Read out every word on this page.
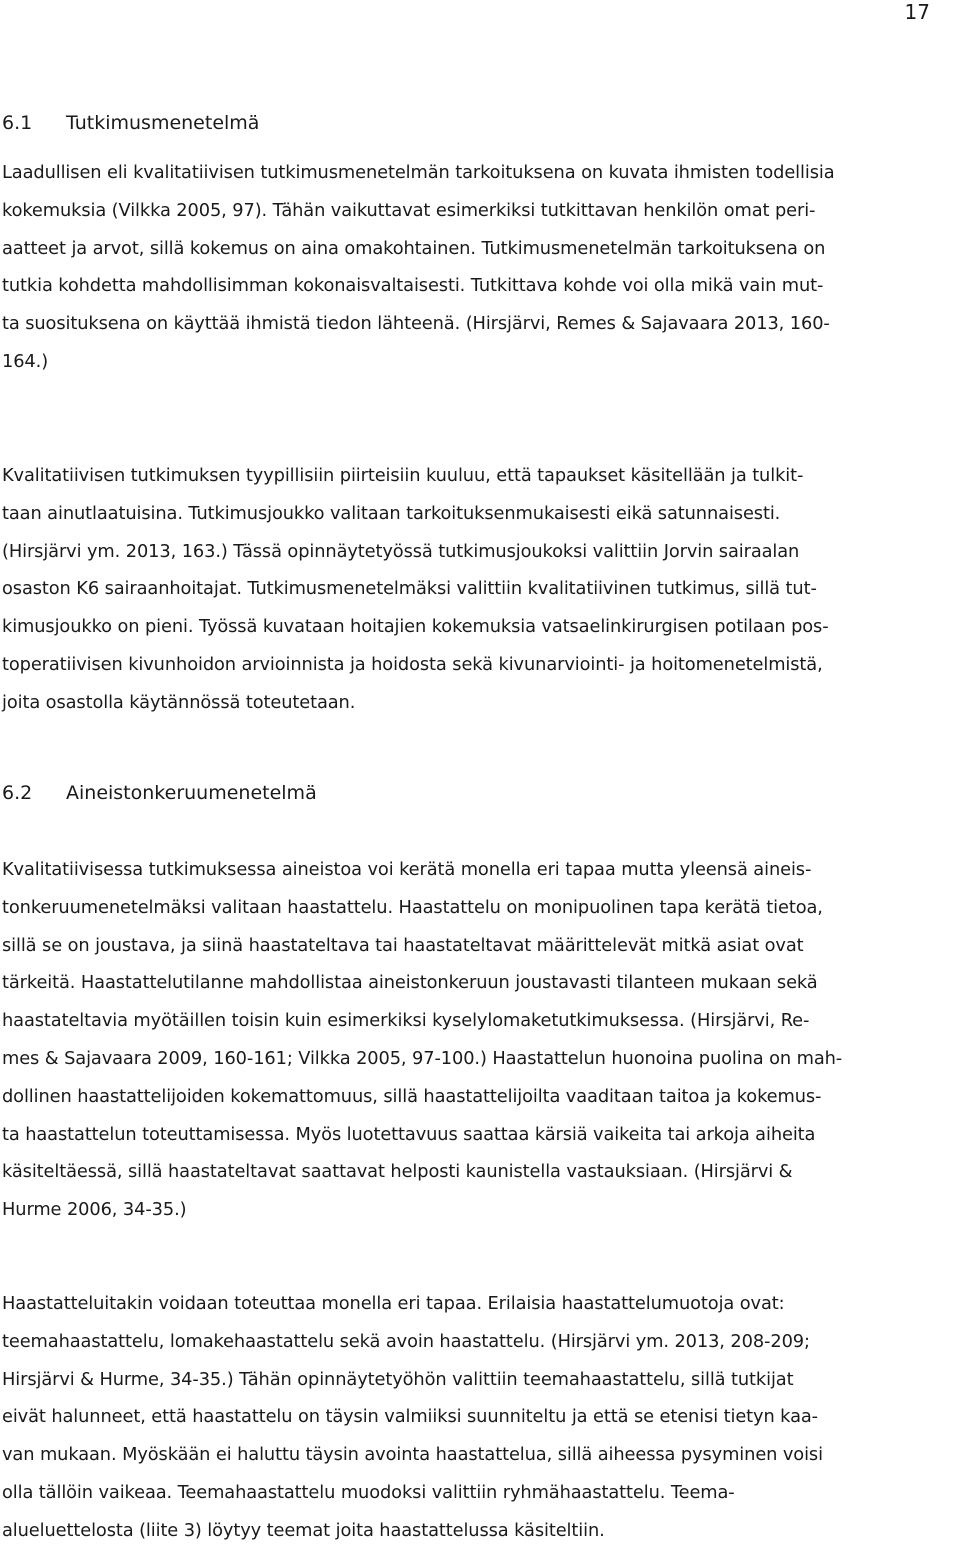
17
6.1 Tutkimusmenetelmä
Laadullisen eli kvalitatiivisen tutkimusmenetelmän tarkoituksena on kuvata ihmisten todellisia
kokemuksia (Vilkka 2005, 97). Tähän vaikuttavat esimerkiksi tutkittavan henkilön omat peri-
aatteet ja arvot, sillä kokemus on aina omakohtainen. Tutkimusmenetelmän tarkoituksena on
tutkia kohdetta mahdollisimman kokonaisvaltaisesti. Tutkittava kohde voi olla mikä vain mut-
ta suosituksena on käyttää ihmistä tiedon lähteenä. (Hirsjärvi, Remes & Sajavaara 2013, 160-
164.)
Kvalitatiivisen tutkimuksen tyypillisiin piirteisiin kuuluu, että tapaukset käsitellään ja tulkit-
taan ainutlaatuisina. Tutkimusjoukko valitaan tarkoituksenmukaisesti eikä satunnaisesti.
(Hirsjärvi ym. 2013, 163.) Tässä opinnäytetyössä tutkimusjoukoksi valittiin Jorvin sairaalan
osaston K6 sairaanhoitajat. Tutkimusmenetelmäksi valittiin kvalitatiivinen tutkimus, sillä tut-
kimusjoukko on pieni. Työssä kuvataan hoitajien kokemuksia vatsaelinkirurgisen potilaan pos-
toperatiivisen kivunhoidon arvioinnista ja hoidosta sekä kivunarviointi- ja hoitomenetelmistä,
joita osastolla käytännössä toteutetaan.
6.2 Aineistonkeruumenetelmä
Kvalitatiivisessa tutkimuksessa aineistoa voi kerätä monella eri tapaa mutta yleensä aineis-
tonkeruumenetelmäksi valitaan haastattelu. Haastattelu on monipuolinen tapa kerätä tietoa,
sillä se on joustava, ja siinä haastateltava tai haastateltavat määrittelevät mitkä asiat ovat
tärkeitä. Haastattelutilanne mahdollistaa aineistonkeruun joustavasti tilanteen mukaan sekä
haastateltavia myötäillen toisin kuin esimerkiksi kyselylomaketutkimuksessa. (Hirsjärvi, Re-
mes & Sajavaara 2009, 160-161; Vilkka 2005, 97-100.) Haastattelun huonoina puolina on mah-
dollinen haastattelijoiden kokemattomuus, sillä haastattelijoilta vaaditaan taitoa ja kokemus-
ta haastattelun toteuttamisessa. Myös luotettavuus saattaa kärsiä vaikeita tai arkoja aiheita
käsiteltäessä, sillä haastateltavat saattavat helposti kaunistella vastauksiaan. (Hirsjärvi &
Hurme 2006, 34-35.)
Haastatteluitakin voidaan toteuttaa monella eri tapaa. Erilaisia haastattelumuotoja ovat:
teemahaastattelu, lomakehaastattelu sekä avoin haastattelu. (Hirsjärvi ym. 2013, 208-209;
Hirsjärvi & Hurme, 34-35.) Tähän opinnäytetyöhön valittiin teemahaastattelu, sillä tutkijat
eivät halunneet, että haastattelu on täysin valmiiksi suunniteltu ja että se etenisi tietyn kaa-
van mukaan. Myöskään ei haluttu täysin avointa haastattelua, sillä aiheessa pysyminen voisi
olla tällöin vaikeaa. Teemahaastattelu muodoksi valittiin ryhmähaastattelu. Teema-
alueluettelosta (liite 3) löytyy teemat joita haastattelussa käsiteltiin.
